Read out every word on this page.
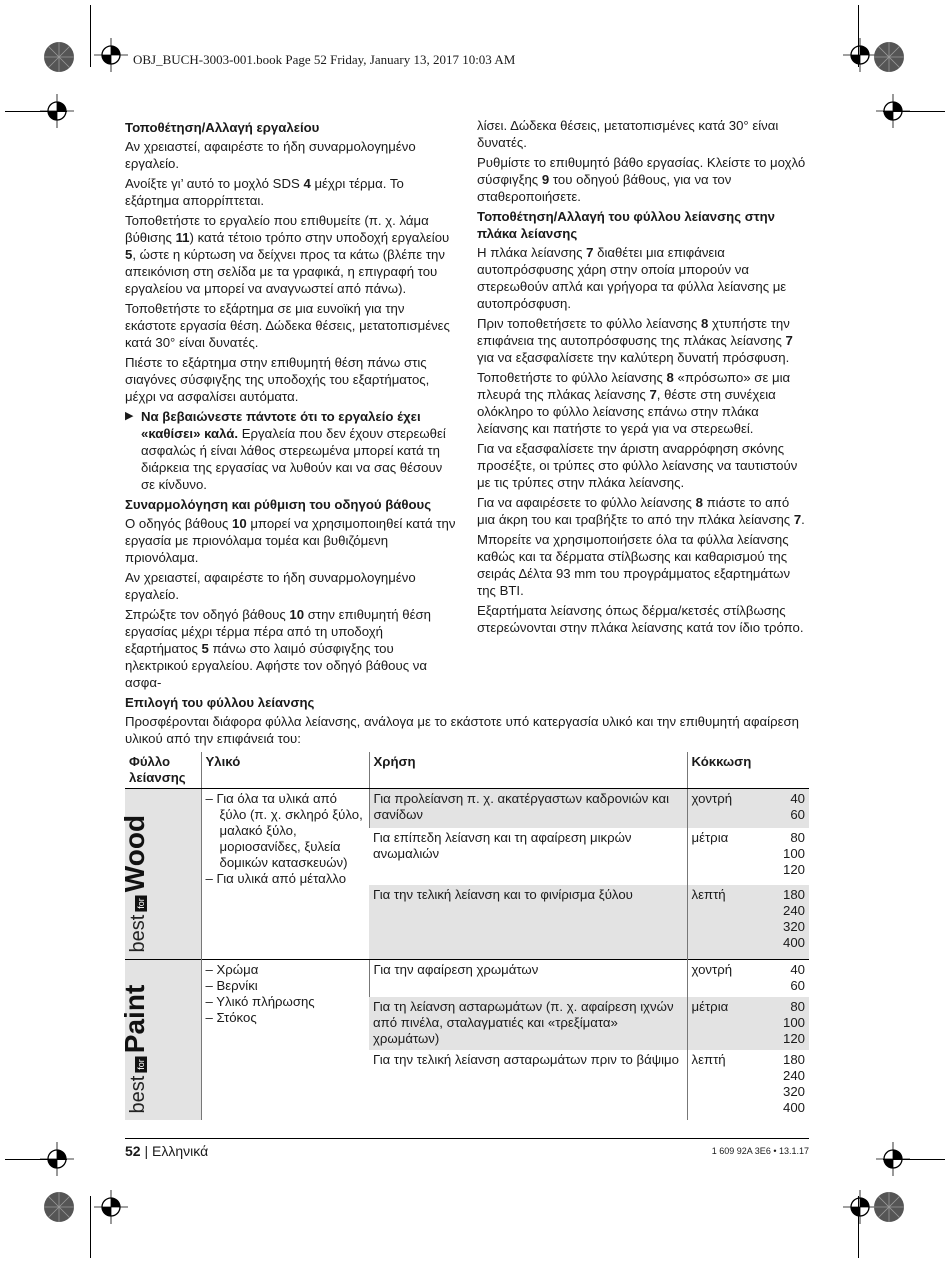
OBJ_BUCH-3003-001.book Page 52 Friday, January 13, 2017 10:03 AM
Τοποθέτηση/Αλλαγή εργαλείου

Αν χρειαστεί, αφαιρέστε το ήδη συναρμολογημένο εργαλείο.

Ανοίξτε γι’ αυτό το μοχλό SDS 4 μέχρι τέρμα. Το εξάρτημα απορρίπτεται.

Τοποθετήστε το εργαλείο που επιθυμείτε (π. χ. λάμα βύθισης 11) κατά τέτοιο τρόπο στην υποδοχή εργαλείου 5, ώστε η κύρτωση να δείχνει προς τα κάτω (βλέπε την απεικόνιση στη σελίδα με τα γραφικά, η επιγραφή του εργαλείου να μπορεί να αναγνωστεί από πάνω).

Τοποθετήστε το εξάρτημα σε μια ευνοϊκή για την εκάστοτε εργασία θέση. Δώδεκα θέσεις, μετατοπισμένες κατά 30° είναι δυνατές.

Πιέστε το εξάρτημα στην επιθυμητή θέση πάνω στις σιαγόνες σύσφιγξης της υποδοχής του εξαρτήματος, μέχρι να ασφαλίσει αυτόματα.

▶ Να βεβαιώνεστε πάντοτε ότι το εργαλείο έχει «καθίσει» καλά. Εργαλεία που δεν έχουν στερεωθεί ασφαλώς ή είναι λάθος στερεωμένα μπορεί κατά τη διάρκεια της εργασίας να λυθούν και να σας θέσουν σε κίνδυνο.
Συναρμολόγηση και ρύθμιση του οδηγού βάθους

Ο οδηγός βάθους 10 μπορεί να χρησιμοποιηθεί κατά την εργασία με πριονόλαμα τομέα και βυθιζόμενη πριονόλαμα.

Αν χρειαστεί, αφαιρέστε το ήδη συναρμολογημένο εργαλείο.

Σπρώξτε τον οδηγό βάθους 10 στην επιθυμητή θέση εργασίας μέχρι τέρμα πέρα από τη υποδοχή εξαρτήματος 5 πάνω στο λαιμό σύσφιγξης του ηλεκτρικού εργαλείου. Αφήστε τον οδηγό βάθους να ασφα-

λίσει. Δώδεκα θέσεις, μετατοπισμένες κατά 30° είναι δυνατές.

Ρυθμίστε το επιθυμητό βάθο εργασίας. Κλείστε το μοχλό σύσφιγξης 9 του οδηγού βάθους, για να τον σταθεροποιήσετε.

Τοποθέτηση/Αλλαγή του φύλλου λείανσης στην πλάκα λείανσης

Η πλάκα λείανσης 7 διαθέτει μια επιφάνεια αυτοπρόσφυσης χάρη στην οποία μπορούν να στερεωθούν απλά και γρήγορα τα φύλλα λείανσης με αυτοπρόσφυση.

Πριν τοποθετήσετε το φύλλο λείανσης 8 χτυπήστε την επιφάνεια της αυτοπρόσφυσης της πλάκας λείανσης 7 για να εξασφαλίσετε την καλύτερη δυνατή πρόσφυση.

Τοποθετήστε το φύλλο λείανσης 8 «πρόσωπο» σε μια πλευρά της πλάκας λείανσης 7, θέστε στη συνέχεια ολόκληρο το φύλλο λείανσης επάνω στην πλάκα λείανσης και πατήστε το γερά για να στερεωθεί.

Για να εξασφαλίσετε την άριστη αναρρόφηση σκόνης προσέξτε, οι τρύπες στο φύλλο λείανσης να ταυτιστούν με τις τρύπες στην πλάκα λείανσης.

Για να αφαιρέσετε το φύλλο λείανσης 8 πιάστε το από μια άκρη του και τραβήξτε το από την πλάκα λείανσης 7.

Μπορείτε να χρησιμοποιήσετε όλα τα φύλλα λείανσης καθώς και τα δέρματα στίλβωσης και καθαρισμού της σειράς Δέλτα 93 mm του προγράμματος εξαρτημάτων της BTI.

Εξαρτήματα λείανσης όπως δέρμα/κετσές στίλβωσης στερεώνονται στην πλάκα λείανσης κατά τον ίδιο τρόπο.

Επιλογή του φύλλου λείανσης

Προσφέρονται διάφορα φύλλα λείανσης, ανάλογα με το εκάστοτε υπό κατεργασία υλικό και την επιθυμητή αφαίρεση υλικού από την επιφάνειά του:

Φύλλο λείανσης	Υλικό	Χρήση	Κόκκωση	

bestforWood	– Για όλα τα υλικά από ξύλο (π. χ. σκληρό ξύλο, μαλακό ξύλο, μοριοσανίδες, ξυλεία δομικών κατασκευών)
– Για υλικά από μέταλλο	Για προλείανση π. χ. ακατέργαστων καδρονιών και σανίδων	χοντρή	40
60
		Για επίπεδη λείανση και τη αφαίρεση μικρών ανωμαλιών	μέτρια	80
100
120
		Για την τελική λείανση και το φινίρισμα ξύλου	λεπτή	180
240
320
400

bestforPaint	– Χρώμα
– Βερνίκι
– Υλικό πλήρωσης
– Στόκος	Για την αφαίρεση χρωμάτων	χοντρή	40
60
		Για τη λείανση ασταρωμάτων (π. χ. αφαίρεση ιχνών από πινέλα, σταλαγματιές και «τρεξίματα» χρωμάτων)	μέτρια	80
100
120
		Για την τελική λείανση ασταρωμάτων πριν το βάψιμο	λεπτή	180
240
320
400
52 | Ελληνικά	1 609 92A 3E6 • 13.1.17
